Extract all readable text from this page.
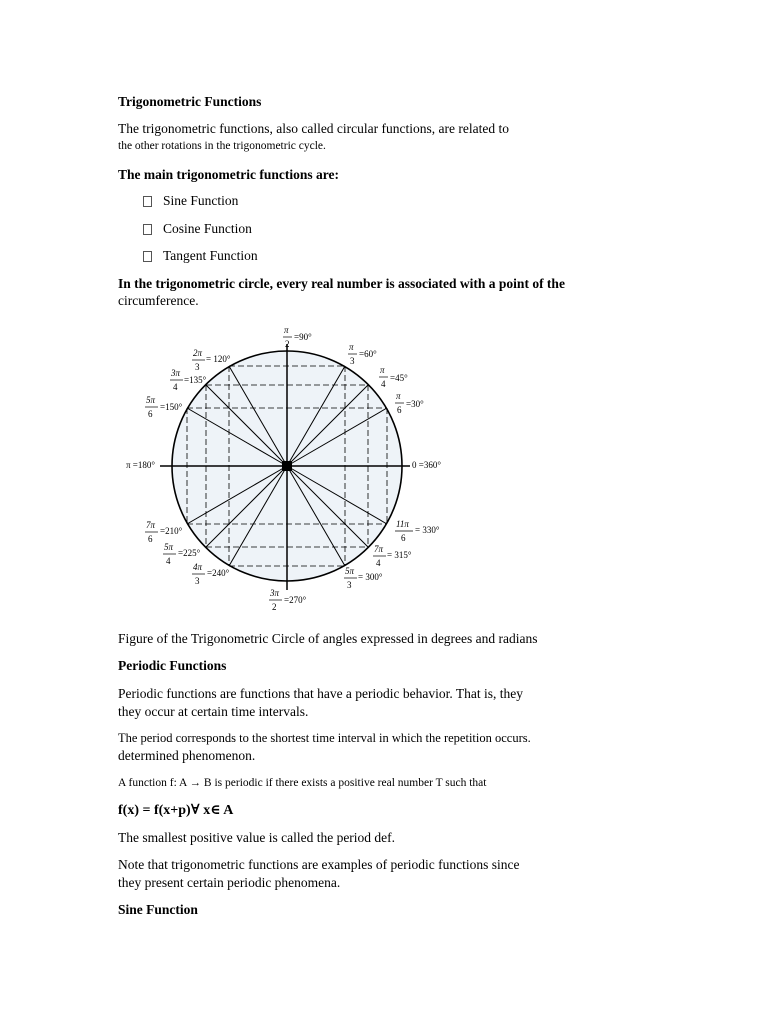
Trigonometric Functions
The trigonometric functions, also called circular functions, are related to
the other rotations in the trigonometric cycle.
The main trigonometric functions are:
Sine Function
Cosine Function
Tangent Function
In the trigonometric circle, every real number is associated with a point of the
circumference.
π
2
=90°
π
3
=60°
π
4
=45°
π
6
=30°
0 =360°
2π
3
= 120°
3π
4
=135°
5π
6
=150°
π =180°
7π
6
=210°
5π
4
=225°
4π
3
=240°
3π
2
=270°
5π
3
= 300°
7π
4
= 315°
11π
6
= 330°
Figure of the Trigonometric Circle of angles expressed in degrees and radians
Periodic Functions
Periodic functions are functions that have a periodic behavior. That is, they
they occur at certain time intervals.
The period corresponds to the shortest time interval in which the repetition occurs.
determined phenomenon.
A function f: A → B is periodic if there exists a positive real number T such that
f(x) = f(x+p)∀ x∈ A
The smallest positive value is called the period def.
Note that trigonometric functions are examples of periodic functions since
they present certain periodic phenomena.
Sine Function
